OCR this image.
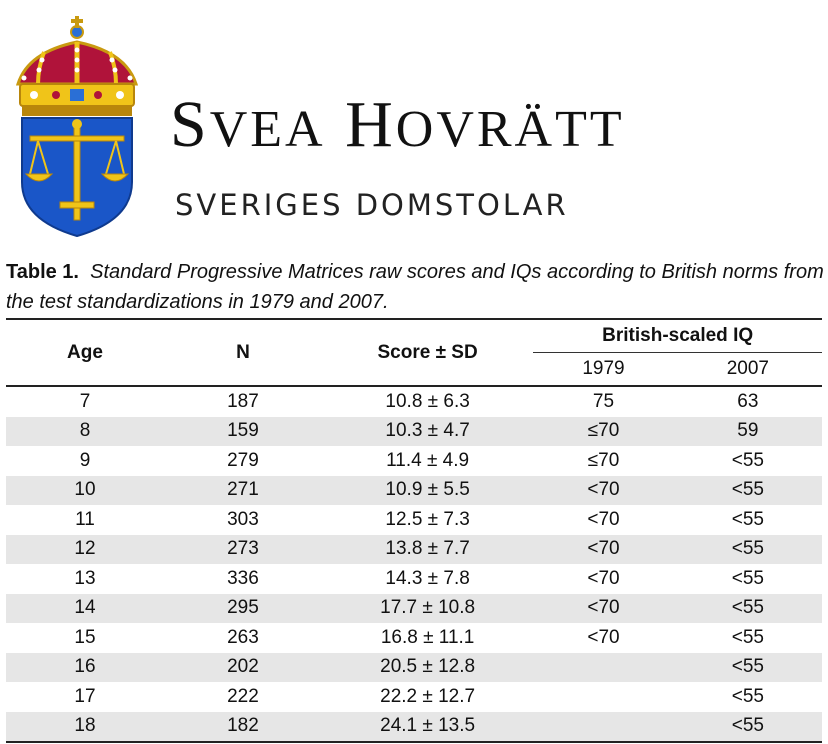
SVEA HOVRÄTT
SVERIGES DOMSTOLAR
Table 1. Standard Progressive Matrices raw scores and IQs according to British norms from the test standardizations in 1979 and 2007.
Age	N	Score ± SD	British-scaled IQ	
			1979	2007
7	187	10.8 ± 6.3	75	63
8	159	10.3 ± 4.7	≤70	59
9	279	11.4 ± 4.9	≤70	<55
10	271	10.9 ± 5.5	<70	<55
11	303	12.5 ± 7.3	<70	<55
12	273	13.8 ± 7.7	<70	<55
13	336	14.3 ± 7.8	<70	<55
14	295	17.7 ± 10.8	<70	<55
15	263	16.8 ± 11.1	<70	<55
16	202	20.5 ± 12.8		<55
17	222	22.2 ± 12.7		<55
18	182	24.1 ± 13.5		<55
